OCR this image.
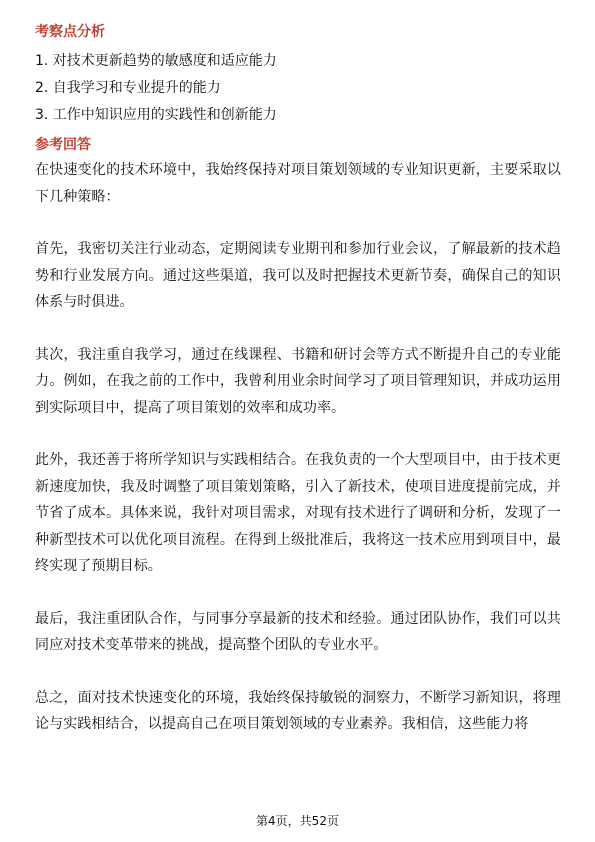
考察点分析
1. 对技术更新趋势的敏感度和适应能力
2. 自我学习和专业提升的能力
3. 工作中知识应用的实践性和创新能力
参考回答

在快速变化的技术环境中，我始终保持对项目策划领域的专业知识更新，主要采取以下几种策略：

首先，我密切关注行业动态，定期阅读专业期刊和参加行业会议，了解最新的技术趋势和行业发展方向。通过这些渠道，我可以及时把握技术更新节奏，确保自己的知识体系与时俱进。

其次，我注重自我学习，通过在线课程、书籍和研讨会等方式不断提升自己的专业能力。例如，在我之前的工作中，我曾利用业余时间学习了项目管理知识，并成功运用到实际项目中，提高了项目策划的效率和成功率。

此外，我还善于将所学知识与实践相结合。在我负责的一个大型项目中，由于技术更新速度加快，我及时调整了项目策划策略，引入了新技术，使项目进度提前完成，并节省了成本。具体来说，我针对项目需求，对现有技术进行了调研和分析，发现了一种新型技术可以优化项目流程。在得到上级批准后，我将这一技术应用到项目中，最终实现了预期目标。

最后，我注重团队合作，与同事分享最新的技术和经验。通过团队协作，我们可以共同应对技术变革带来的挑战，提高整个团队的专业水平。

总之，面对技术快速变化的环境，我始终保持敏锐的洞察力，不断学习新知识，将理论与实践相结合，以提高自己在项目策划领域的专业素养。我相信，这些能力将

第4页，共52页
